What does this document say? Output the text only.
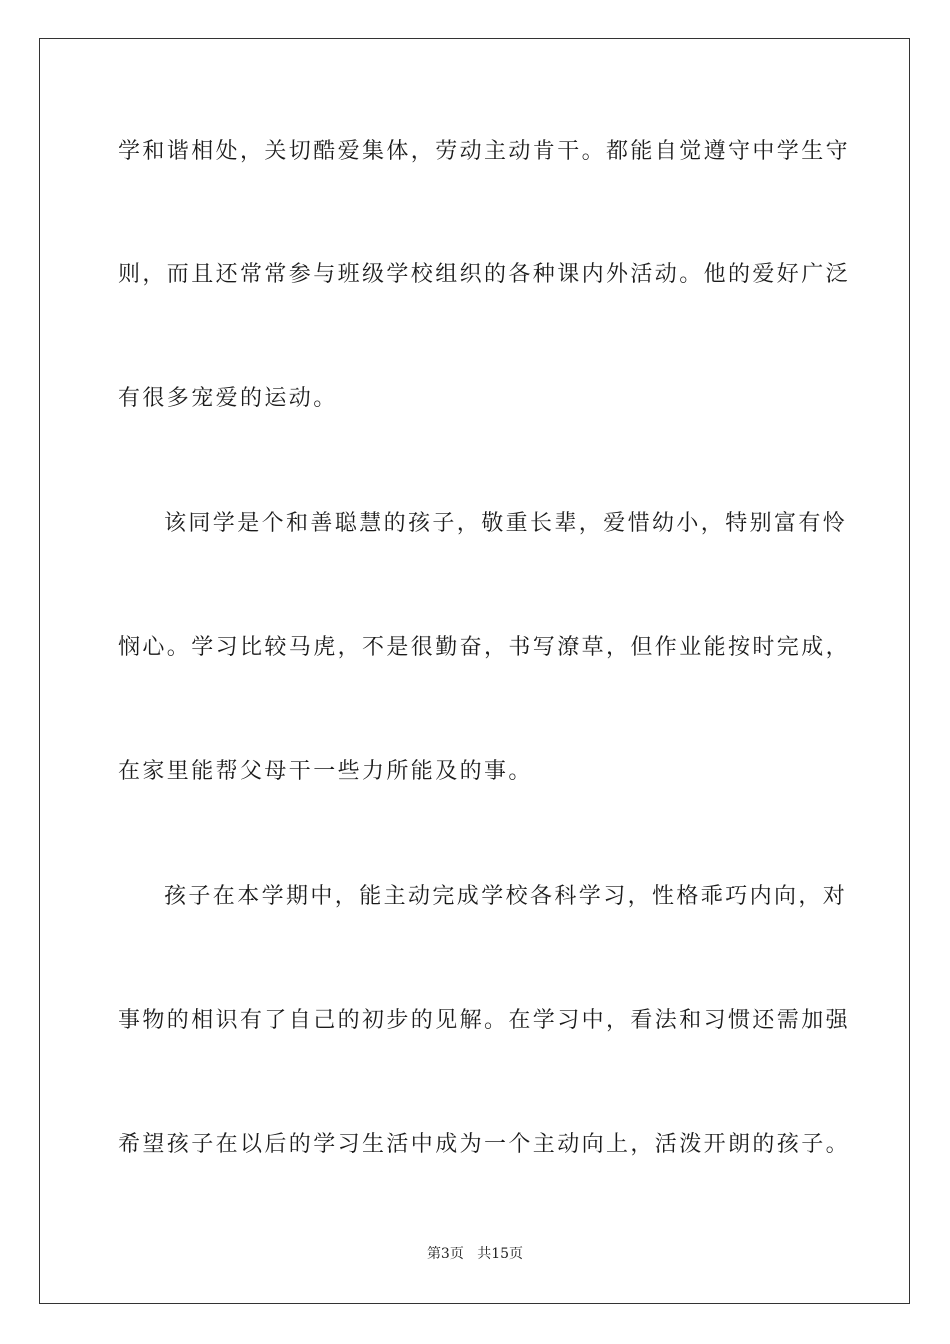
学和谐相处，关切酷爱集体，劳动主动肯干。都能自觉遵守中学生守
则，而且还常常参与班级学校组织的各种课内外活动。他的爱好广泛
有很多宠爱的运动。
该同学是个和善聪慧的孩子，敬重长辈，爱惜幼小，特别富有怜
悯心。学习比较马虎，不是很勤奋，书写潦草，但作业能按时完成，
在家里能帮父母干一些力所能及的事。
孩子在本学期中，能主动完成学校各科学习，性格乖巧内向，对
事物的相识有了自己的初步的见解。在学习中，看法和习惯还需加强
希望孩子在以后的学习生活中成为一个主动向上，活泼开朗的孩子。
第3页 共15页
